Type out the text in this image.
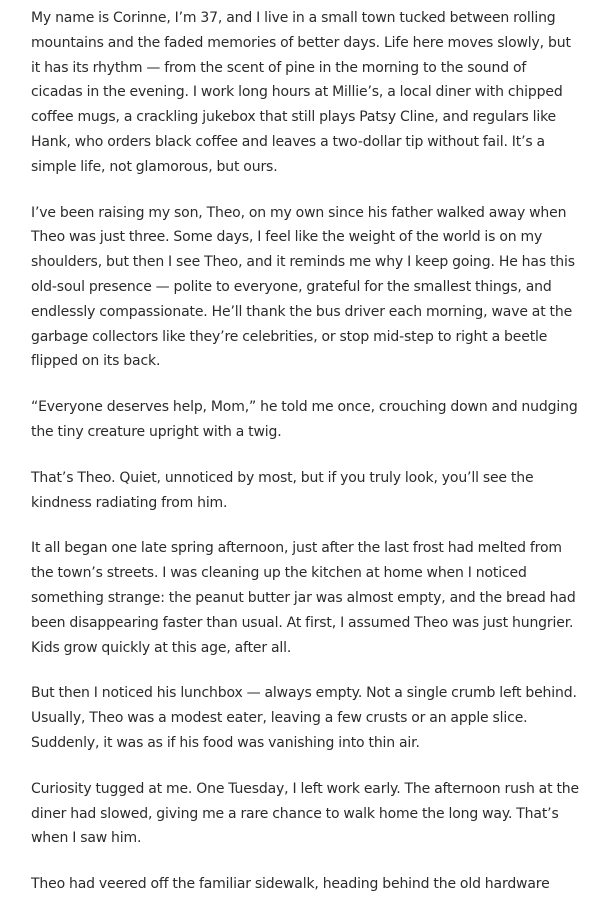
My name is Corinne, I’m 37, and I live in a small town tucked between rolling mountains and the faded memories of better days. Life here moves slowly, but it has its rhythm — from the scent of pine in the morning to the sound of cicadas in the evening. I work long hours at Millie’s, a local diner with chipped coffee mugs, a crackling jukebox that still plays Patsy Cline, and regulars like Hank, who orders black coffee and leaves a two-dollar tip without fail. It’s a simple life, not glamorous, but ours.

I’ve been raising my son, Theo, on my own since his father walked away when Theo was just three. Some days, I feel like the weight of the world is on my shoulders, but then I see Theo, and it reminds me why I keep going. He has this old-soul presence — polite to everyone, grateful for the smallest things, and endlessly compassionate. He’ll thank the bus driver each morning, wave at the garbage collectors like they’re celebrities, or stop mid-step to right a beetle flipped on its back.

“Everyone deserves help, Mom,” he told me once, crouching down and nudging the tiny creature upright with a twig.

That’s Theo. Quiet, unnoticed by most, but if you truly look, you’ll see the kindness radiating from him.

It all began one late spring afternoon, just after the last frost had melted from the town’s streets. I was cleaning up the kitchen at home when I noticed something strange: the peanut butter jar was almost empty, and the bread had been disappearing faster than usual. At first, I assumed Theo was just hungrier. Kids grow quickly at this age, after all.

But then I noticed his lunchbox — always empty. Not a single crumb left behind. Usually, Theo was a modest eater, leaving a few crusts or an apple slice. Suddenly, it was as if his food was vanishing into thin air.

Curiosity tugged at me. One Tuesday, I left work early. The afternoon rush at the diner had slowed, giving me a rare chance to walk home the long way. That’s when I saw him.

Theo had veered off the familiar sidewalk, heading behind the old hardware
